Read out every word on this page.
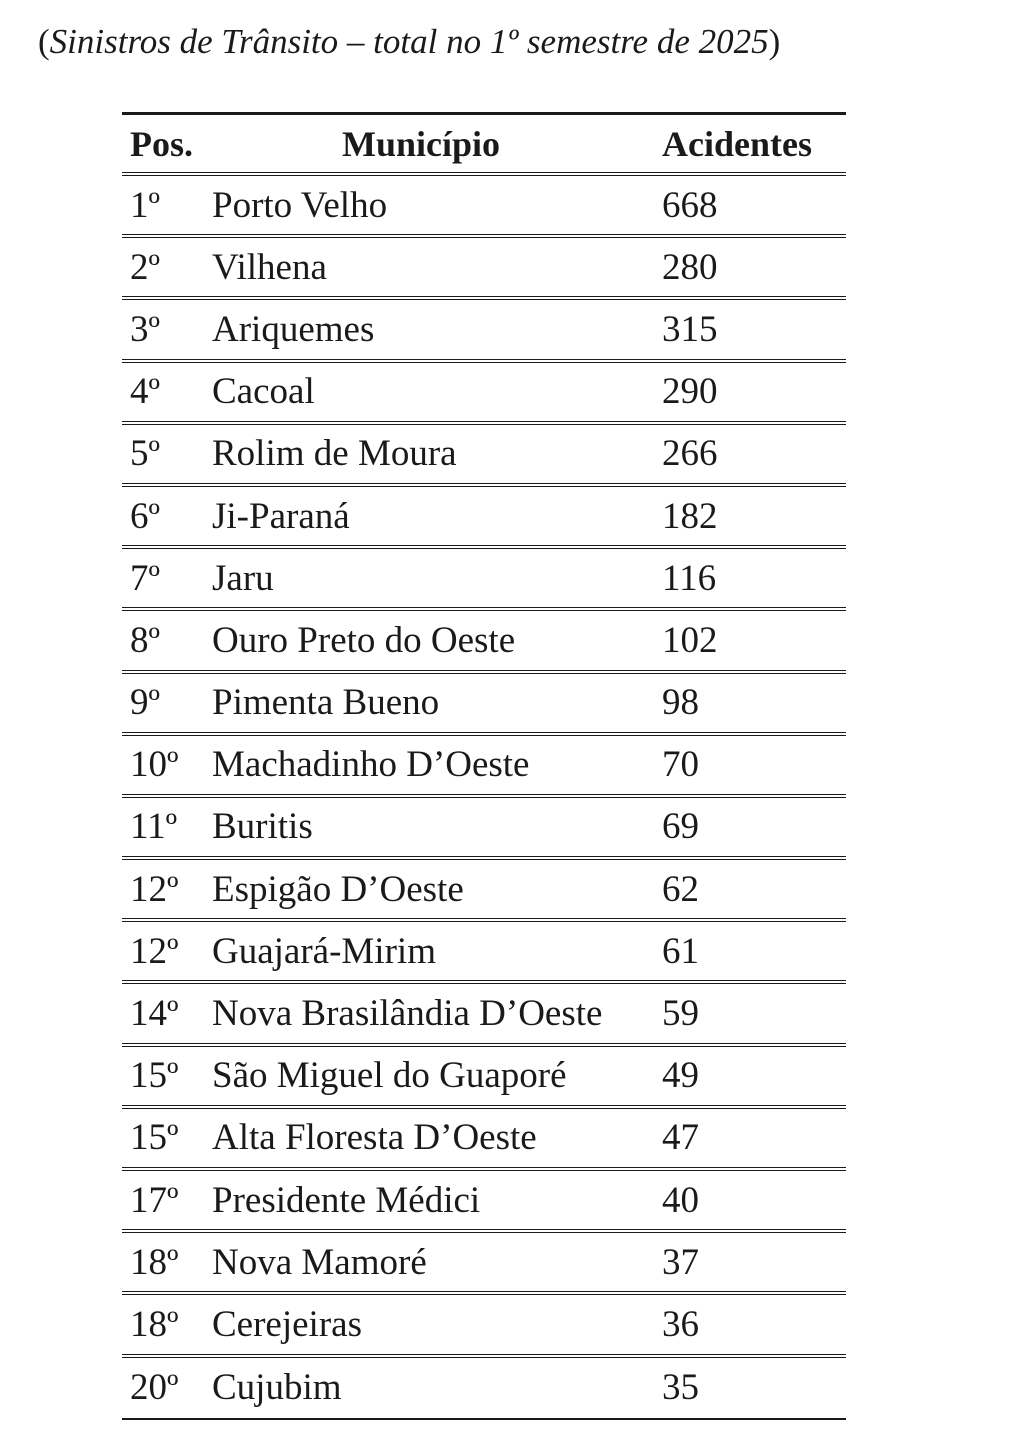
(Sinistros de Trânsito – total no 1º semestre de 2025)
Pos.	Município	Acidentes
1º Porto Velho	668
2º Vilhena	280
3º Ariquemes	315
4º Cacoal	290
5º Rolim de Moura	266
6º Ji-Paraná	182
7º Jaru	116
8º Ouro Preto do Oeste	102
9º Pimenta Bueno	98
10º Machadinho D’Oeste	70
11º Buritis	69
12º Espigão D’Oeste	62
12º Guajará-Mirim	61
14º Nova Brasilândia D’Oeste 59
15º São Miguel do Guaporé	49
15º Alta Floresta D’Oeste	47
17º Presidente Médici	40
18º Nova Mamoré	37
18º Cerejeiras	36
20º Cujubim	35
